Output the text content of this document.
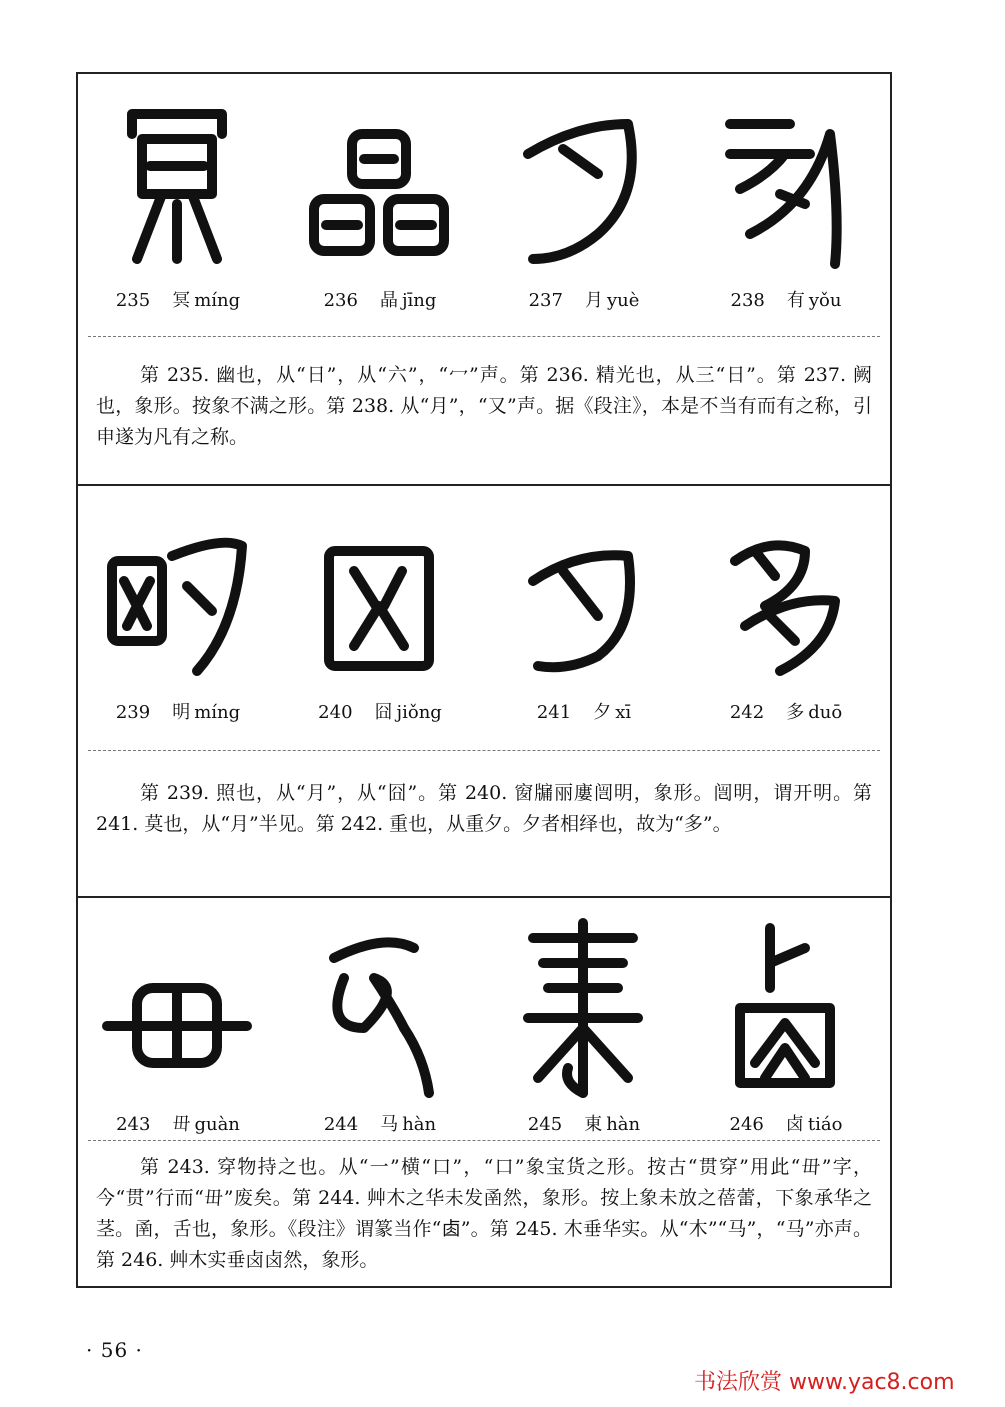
235 冥 míng	236 晶 jīng	237 月 yuè	238 有 yǒu
第 235. 幽也，从“日”，从“六”，“冖”声。第 236. 精光也，从三“日”。第 237. 阙也，象形。按象不满之形。第 238. 从“月”，“又”声。据《段注》，本是不当有而有之称，引申遂为凡有之称。
239 明 míng	240 囧 jiǒng	241 夕 xī	242 多 duō
第 239. 照也，从“月”，从“囧”。第 240. 窗牖丽廔闿明，象形。闿明，谓开明。第 241. 莫也，从“月”半见。第 242. 重也，从重夕。夕者相绎也，故为“多”。
243 毌 guàn	244 马 hàn	245 東 hàn	246 卤 tiáo
第 243. 穿物持之也。从“一”横“口”，“口”象宝货之形。按古“贯穿”用此“毌”字，今“贯”行而“毌”废矣。第 244. 艸木之华未发圅然，象形。按上象未放之蓓蕾，下象承华之茎。圅，舌也，象形。《段注》谓篆当作“𠧪”。第 245. 木垂华实。从“木”“马”，“马”亦声。第 246. 艸木实垂卤卤然，象形。
· 56 ·
书法欣赏 www.yac8.com
